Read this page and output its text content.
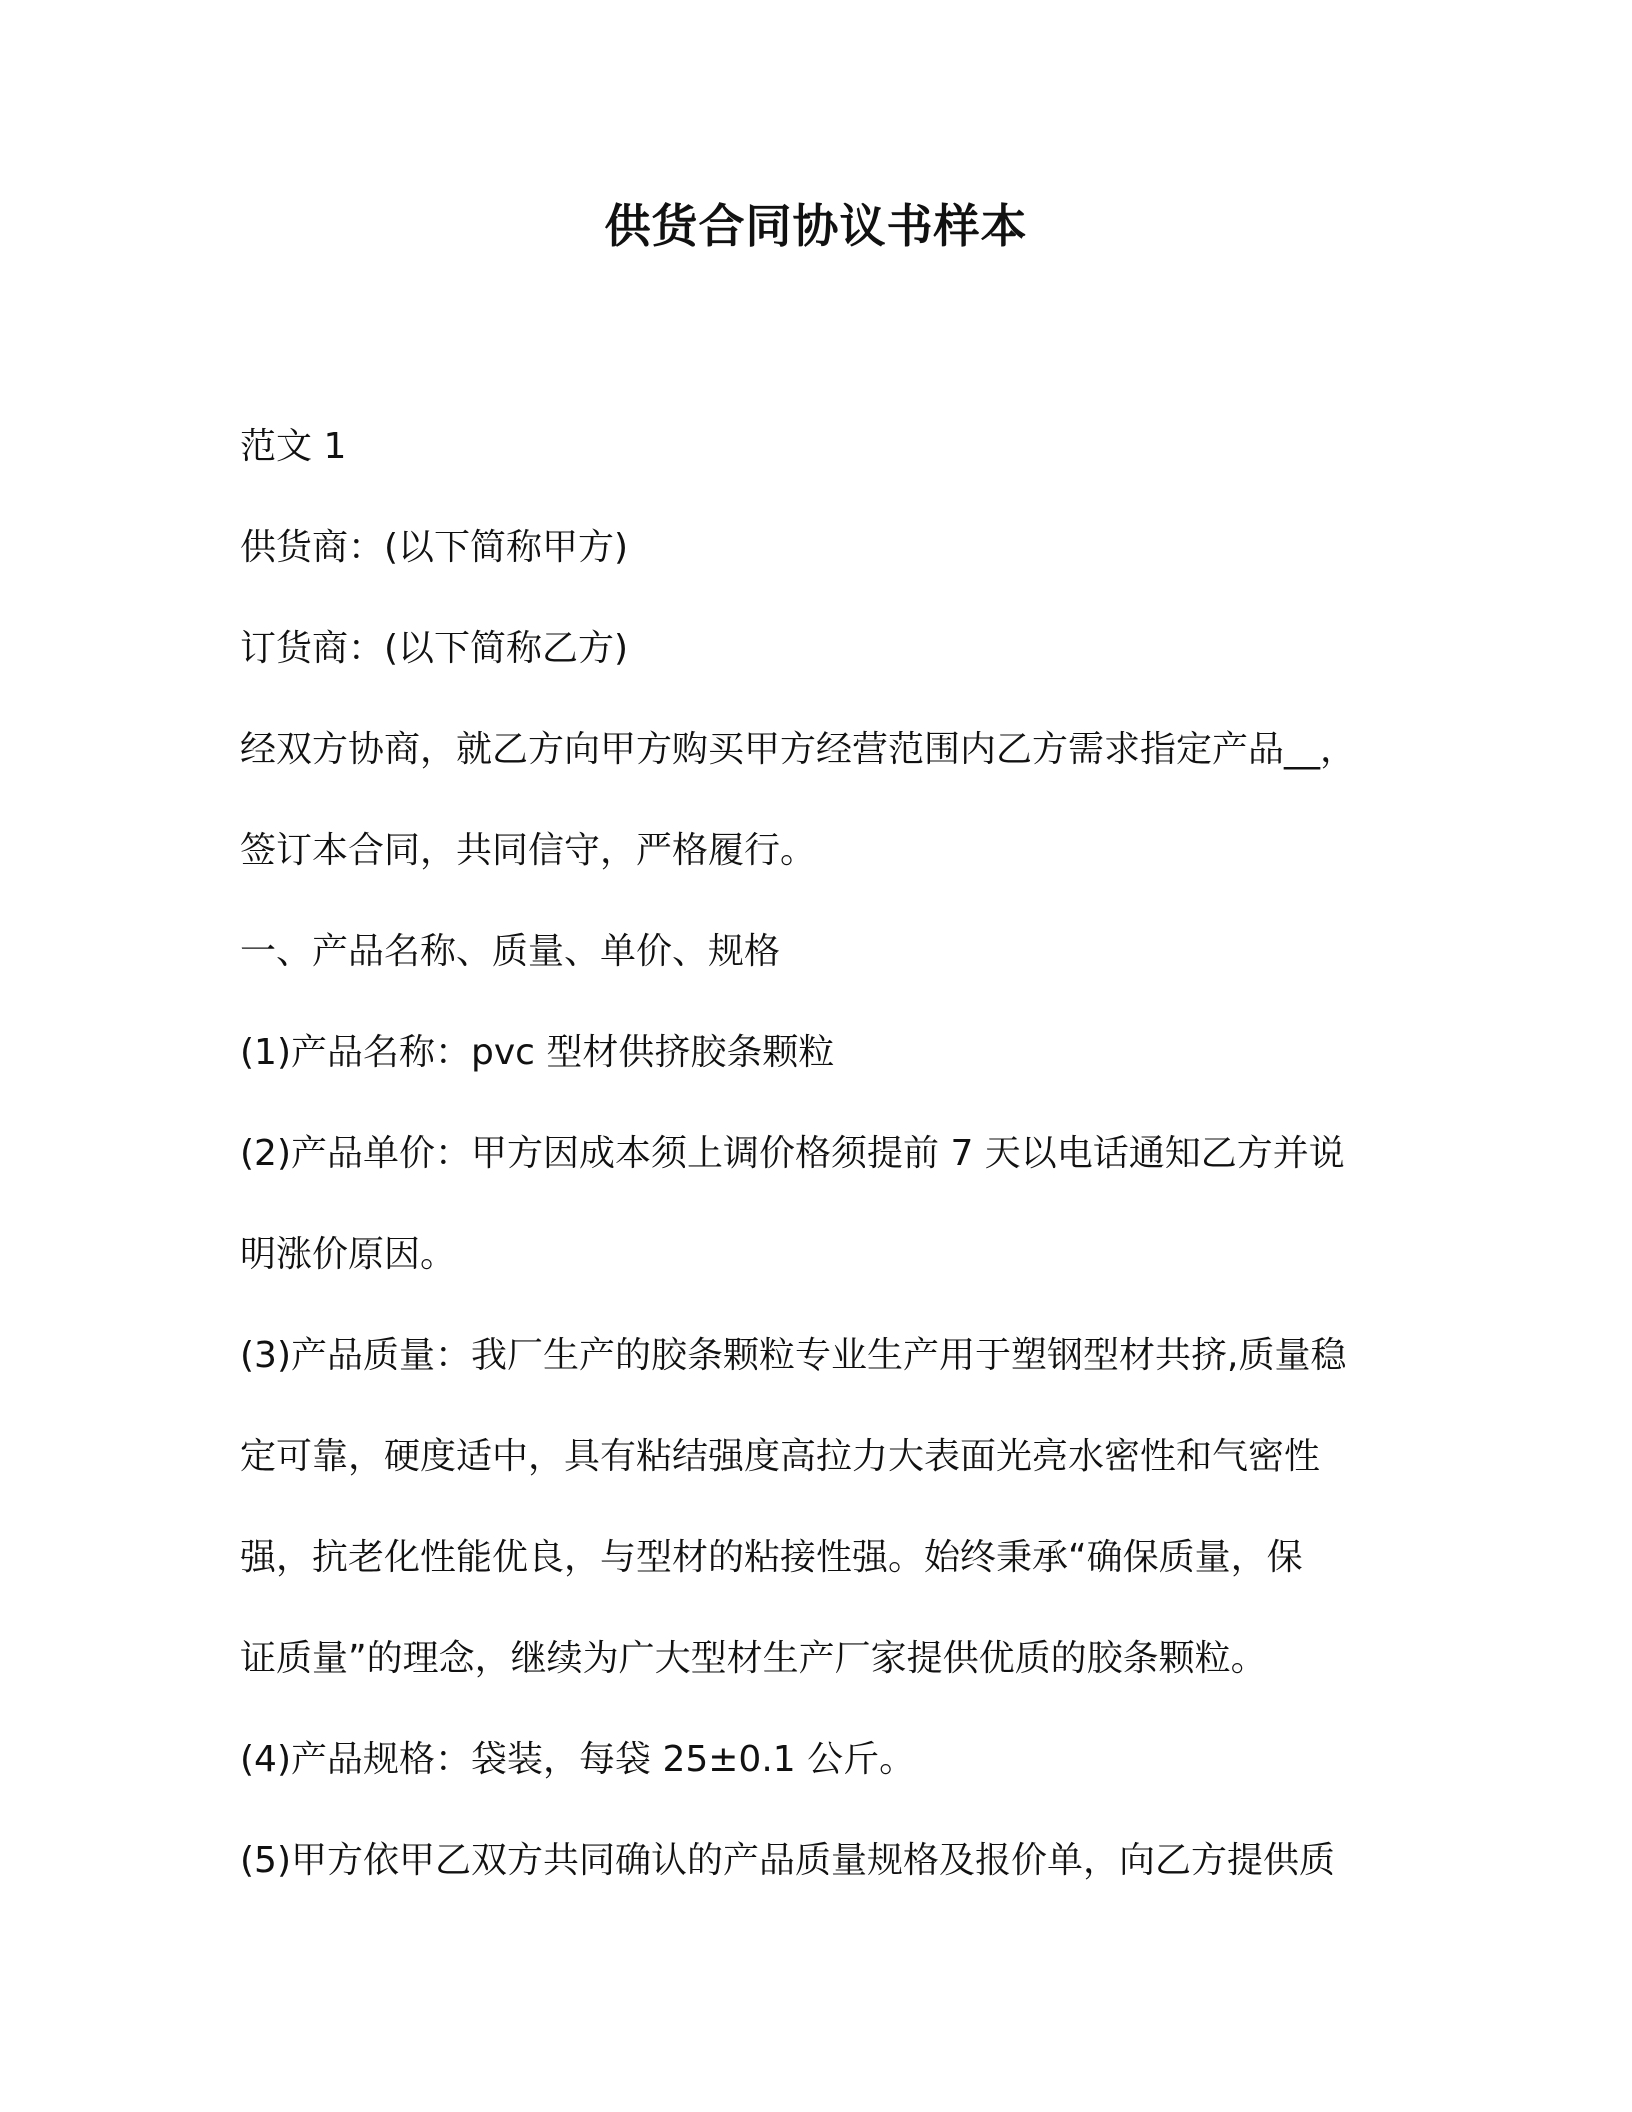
供货合同协议书样本

范文 1

供货商：(以下简称甲方)

订货商：(以下简称乙方)

经双方协商，就乙方向甲方购买甲方经营范围内乙方需求指定产品__，

签订本合同，共同信守，严格履行。

一、产品名称、质量、单价、规格

(1)产品名称：pvc 型材供挤胶条颗粒

(2)产品单价：甲方因成本须上调价格须提前 7 天以电话通知乙方并说

明涨价原因。

(3)产品质量：我厂生产的胶条颗粒专业生产用于塑钢型材共挤,质量稳

定可靠，硬度适中，具有粘结强度高拉力大表面光亮水密性和气密性

强，抗老化性能优良，与型材的粘接性强。始终秉承“确保质量，保

证质量”的理念，继续为广大型材生产厂家提供优质的胶条颗粒。

(4)产品规格：袋装，每袋 25±0.1 公斤。

(5)甲方依甲乙双方共同确认的产品质量规格及报价单，向乙方提供质
